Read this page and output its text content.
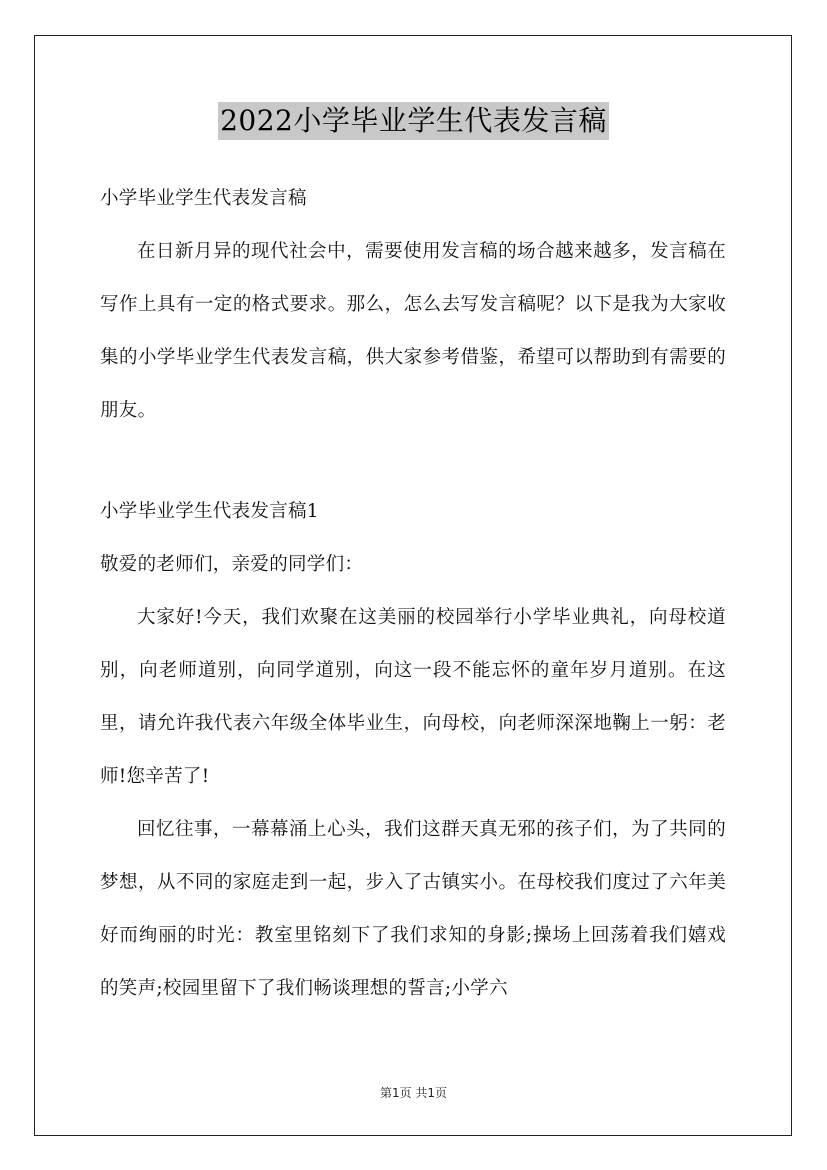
2022小学毕业学生代表发言稿

小学毕业学生代表发言稿

在日新月异的现代社会中，需要使用发言稿的场合越来越多，发言稿在写作上具有一定的格式要求。那么，怎么去写发言稿呢？以下是我为大家收集的小学毕业学生代表发言稿，供大家参考借鉴，希望可以帮助到有需要的朋友。

小学毕业学生代表发言稿1

敬爱的老师们，亲爱的同学们：

大家好!今天，我们欢聚在这美丽的校园举行小学毕业典礼，向母校道别，向老师道别，向同学道别，向这一段不能忘怀的童年岁月道别。在这里，请允许我代表六年级全体毕业生，向母校，向老师深深地鞠上一躬：老师!您辛苦了!

回忆往事，一幕幕涌上心头，我们这群天真无邪的孩子们，为了共同的梦想，从不同的家庭走到一起，步入了古镇实小。在母校我们度过了六年美好而绚丽的时光：教室里铭刻下了我们求知的身影;操场上回荡着我们嬉戏的笑声;校园里留下了我们畅谈理想的誓言;小学六

第1页 共1页
